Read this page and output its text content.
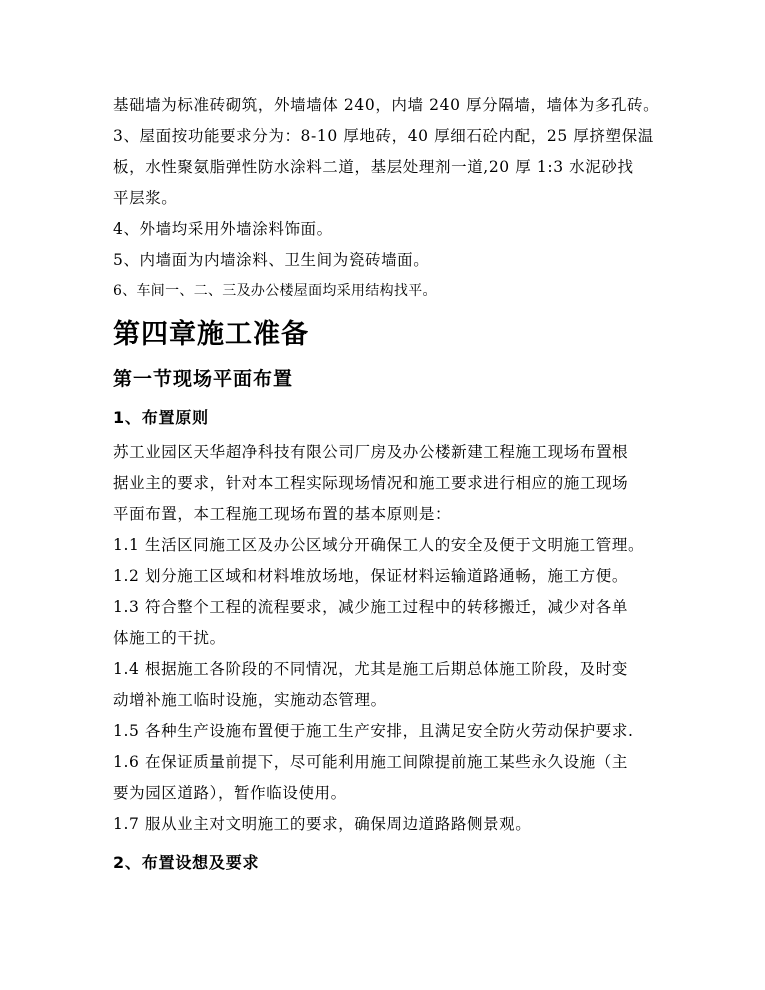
基础墙为标准砖砌筑，外墙墙体 240，内墙 240 厚分隔墙，墙体为多孔砖。

3、屋面按功能要求分为：8-10 厚地砖，40 厚细石砼内配，25 厚挤塑保温

板，水性聚氨脂弹性防水涂料二道，基层处理剂一道,20 厚 1:3 水泥砂找

平层浆。

4、外墙均采用外墙涂料饰面。

5、内墙面为内墙涂料、卫生间为瓷砖墙面。

6、车间一、二、三及办公楼屋面均采用结构找平。

第四章施工准备
第一节现场平面布置
1、布置原则

苏工业园区天华超净科技有限公司厂房及办公楼新建工程施工现场布置根

据业主的要求，针对本工程实际现场情况和施工要求进行相应的施工现场

平面布置，本工程施工现场布置的基本原则是：

1.1 生活区同施工区及办公区域分开确保工人的安全及便于文明施工管理。

1.2 划分施工区域和材料堆放场地，保证材料运输道路通畅，施工方便。

1.3 符合整个工程的流程要求，减少施工过程中的转移搬迁，减少对各单

体施工的干扰。

1.4 根据施工各阶段的不同情况，尤其是施工后期总体施工阶段，及时变

动增补施工临时设施，实施动态管理。

1.5 各种生产设施布置便于施工生产安排，且满足安全防火劳动保护要求.

1.6 在保证质量前提下，尽可能利用施工间隙提前施工某些永久设施（主

要为园区道路），暂作临设使用。

1.7 服从业主对文明施工的要求，确保周边道路路侧景观。

2、布置设想及要求
